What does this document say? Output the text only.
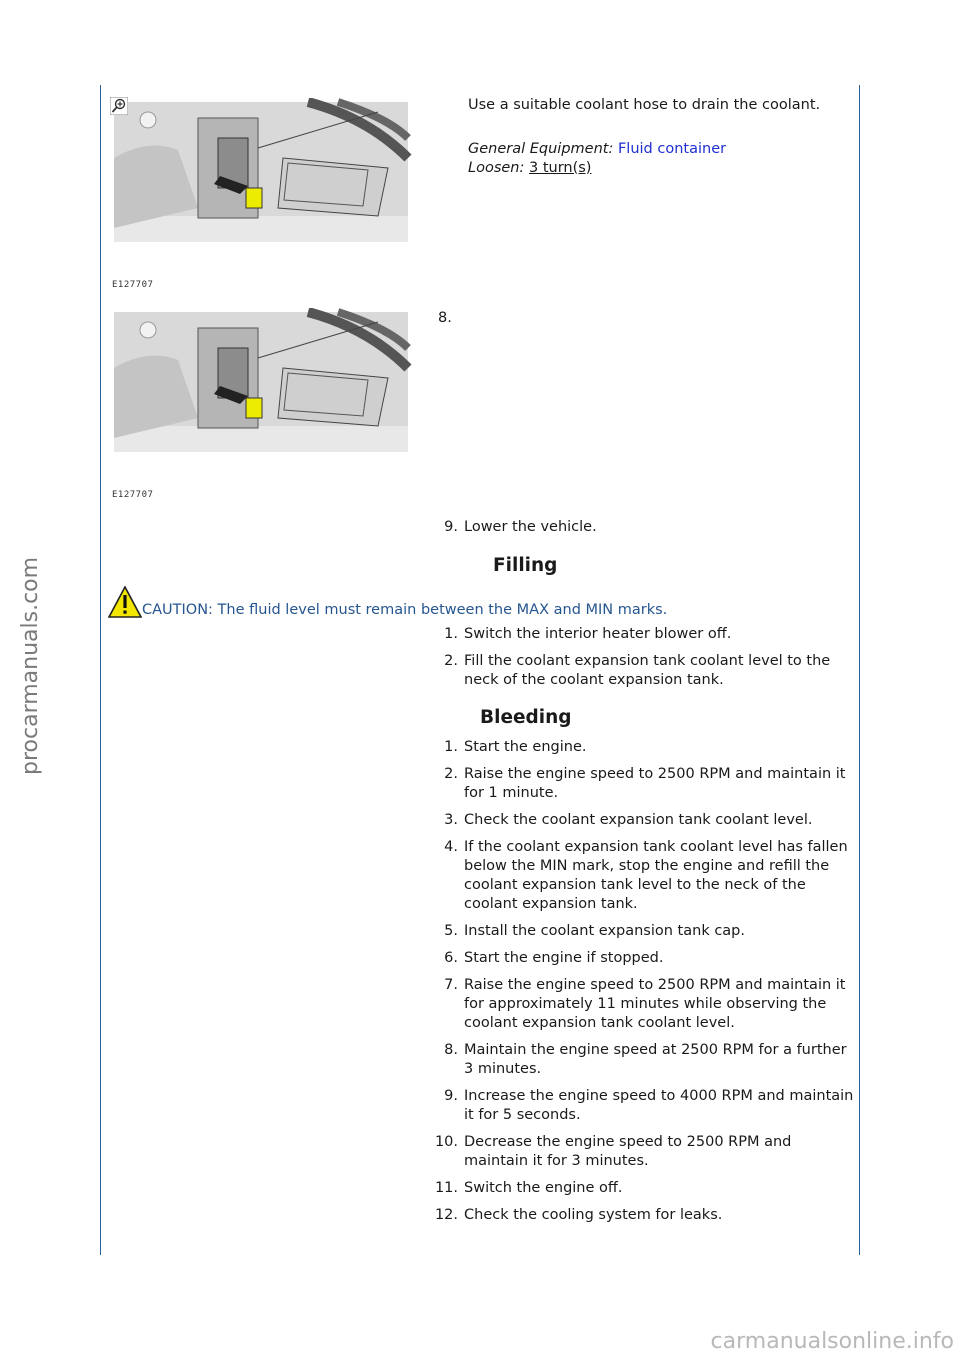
procarmanuals.com
E127707
Use a suitable coolant hose to drain the coolant.
General Equipment: Fluid container
Loosen: 3 turn(s)
E127707
8.
9. Lower the vehicle.
Filling
CAUTION: The fluid level must remain between the MAX and MIN marks.
1. Switch the interior heater blower off.
2. Fill the coolant expansion tank coolant level to the neck of the coolant expansion tank.
Bleeding
1. Start the engine.
2. Raise the engine speed to 2500 RPM and maintain it for 1 minute.
3. Check the coolant expansion tank coolant level.
4. If the coolant expansion tank coolant level has fallen below the MIN mark, stop the engine and refill the coolant expansion tank level to the neck of the coolant expansion tank.
5. Install the coolant expansion tank cap.
6. Start the engine if stopped.
7. Raise the engine speed to 2500 RPM and maintain it for approximately 11 minutes while observing the coolant expansion tank coolant level.
8. Maintain the engine speed at 2500 RPM for a further 3 minutes.
9. Increase the engine speed to 4000 RPM and maintain it for 5 seconds.
10. Decrease the engine speed to 2500 RPM and maintain it for 3 minutes.
11. Switch the engine off.
12. Check the cooling system for leaks.
carmanualsonline.info
